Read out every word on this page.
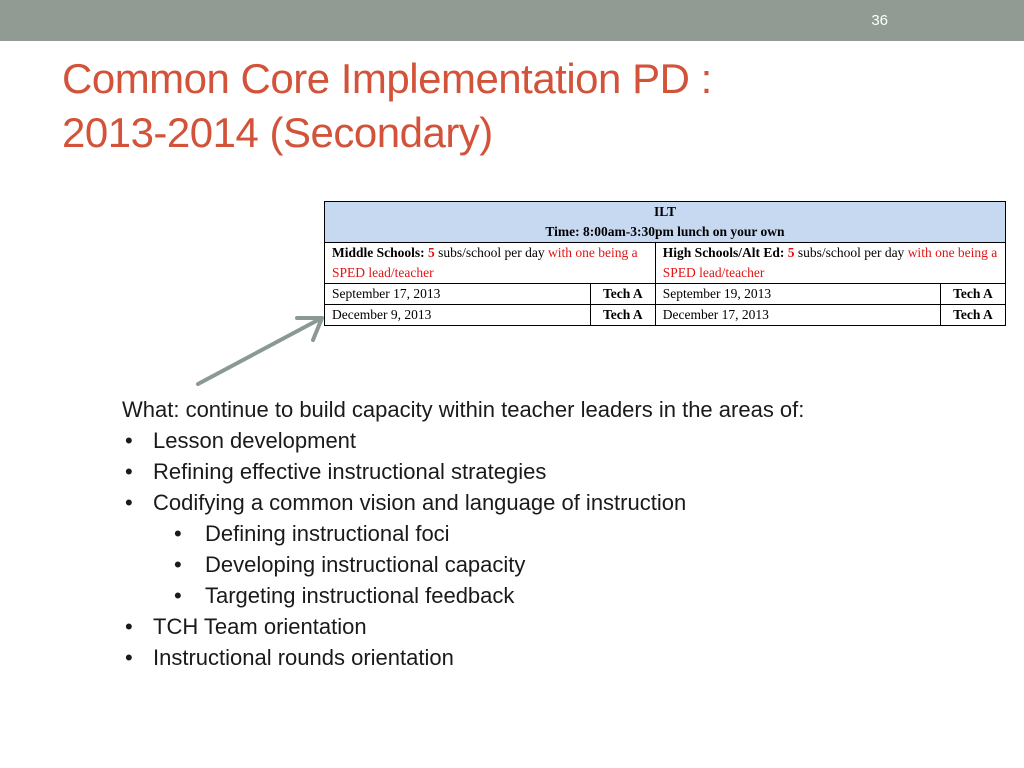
36
Common Core Implementation PD :
2013-2014 (Secondary)
ILT
Time: 8:00am-3:30pm lunch on your own			

Middle Schools: 5 subs/school per day with one being a SPED lead/teacher		High Schools/Alt Ed: 5 subs/school per day with one being a SPED lead/teacher	
September 17, 2013	Tech A	September 19, 2013	Tech A
December 9, 2013	Tech A	December 17, 2013	Tech A

What: continue to build capacity within teacher leaders in the areas of:

• Lesson development
• Refining effective instructional strategies
• Codifying a common vision and language of instruction
• Defining instructional foci
• Developing instructional capacity
• Targeting instructional feedback
• TCH Team orientation
• Instructional rounds orientation
